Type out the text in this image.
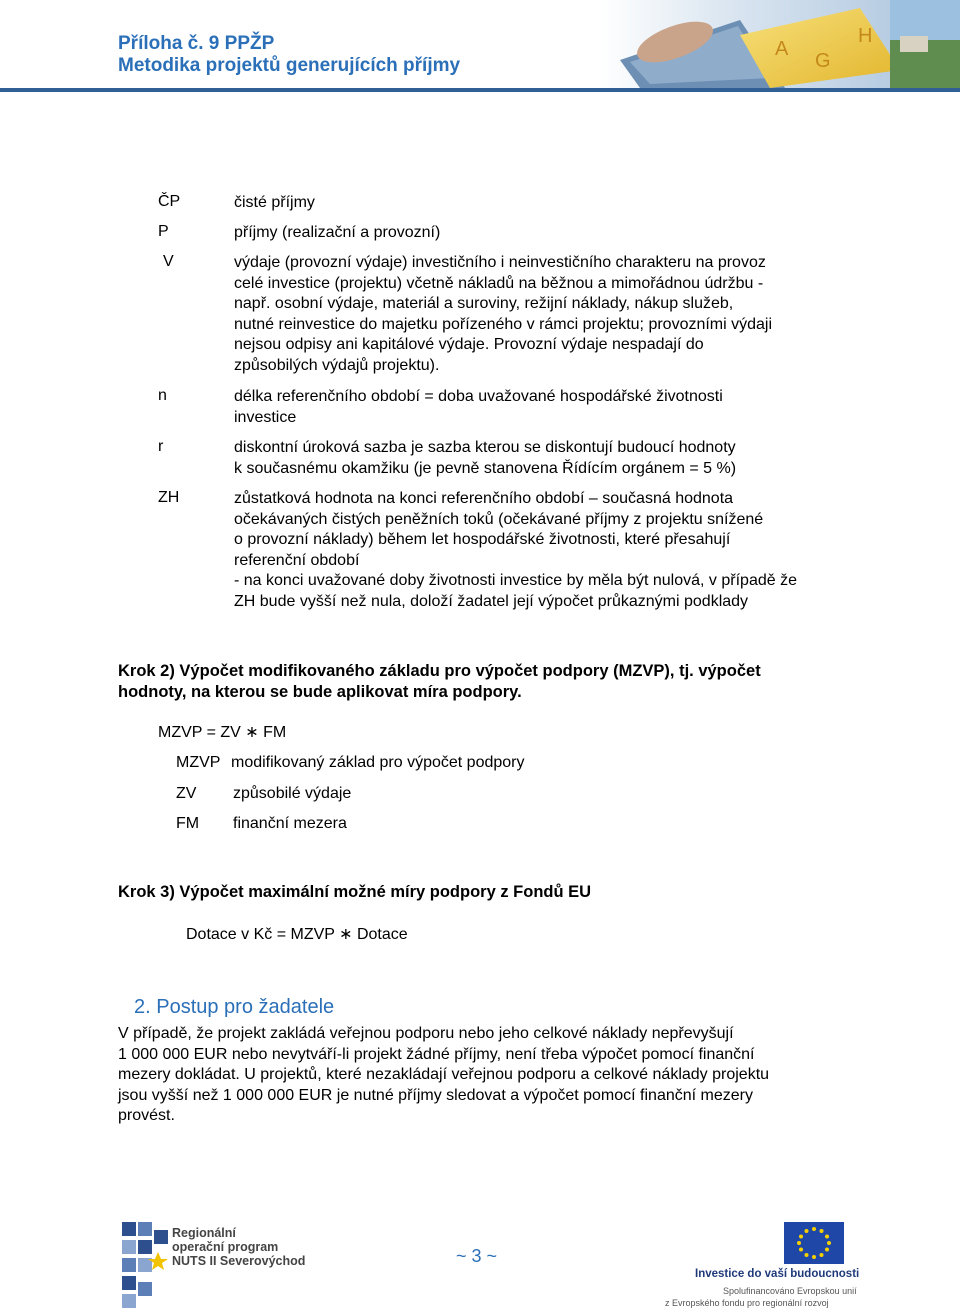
Příloha č. 9 PPŽP
Metodika projektů generujících příjmy
A
G
H
ČP	čisté příjmy
P	příjmy (realizační a provozní)
V	výdaje (provozní výdaje) investičního i neinvestičního charakteru na provoz
celé investice (projektu) včetně nákladů na běžnou a mimořádnou údržbu -
např. osobní výdaje, materiál a suroviny, režijní náklady, nákup služeb,
nutné reinvestice do majetku pořízeného v rámci projektu; provozními výdaji
nejsou odpisy ani kapitálové výdaje. Provozní výdaje nespadají do
způsobilých výdajů projektu).
n	délka referenčního období = doba uvažované hospodářské životnosti
investice
r	diskontní úroková sazba je sazba kterou se diskontují budoucí hodnoty
k současnému okamžiku (je pevně stanovena Řídícím orgánem = 5 %)
ZH	zůstatková hodnota na konci referenčního období – současná hodnota
očekávaných čistých peněžních toků (očekávané příjmy z projektu snížené
o provozní náklady) během let hospodářské životnosti, které přesahují
referenční období
- na konci uvažované doby životnosti investice by měla být nulová, v případě že
ZH bude vyšší než nula, doloží žadatel její výpočet průkaznými podklady
Krok 2) Výpočet modifikovaného základu pro výpočet podpory (MZVP), tj. výpočet
hodnoty, na kterou se bude aplikovat míra podpory.
MZVP = ZV ∗ FM
MZVP modifikovaný základ pro výpočet podpory
ZV způsobilé výdaje
FM finanční mezera
Krok 3) Výpočet maximální možné míry podpory z Fondů EU
Dotace v Kč = MZVP ∗ Dotace
2. Postup pro žadatele
V případě, že projekt zakládá veřejnou podporu nebo jeho celkové náklady nepřevyšují
1 000 000 EUR nebo nevytváří-li projekt žádné příjmy, není třeba výpočet pomocí finanční
mezery dokládat. U projektů, které nezakládají veřejnou podporu a celkové náklady projektu
jsou vyšší než 1 000 000 EUR je nutné příjmy sledovat a výpočet pomocí finanční mezery
provést.
Regionální
operační program
NUTS II Severovýchod	~ 3 ~
Investice do vaší budoucnosti
Spolufinancováno Evropskou unií
z Evropského fondu pro regionální rozvoj
